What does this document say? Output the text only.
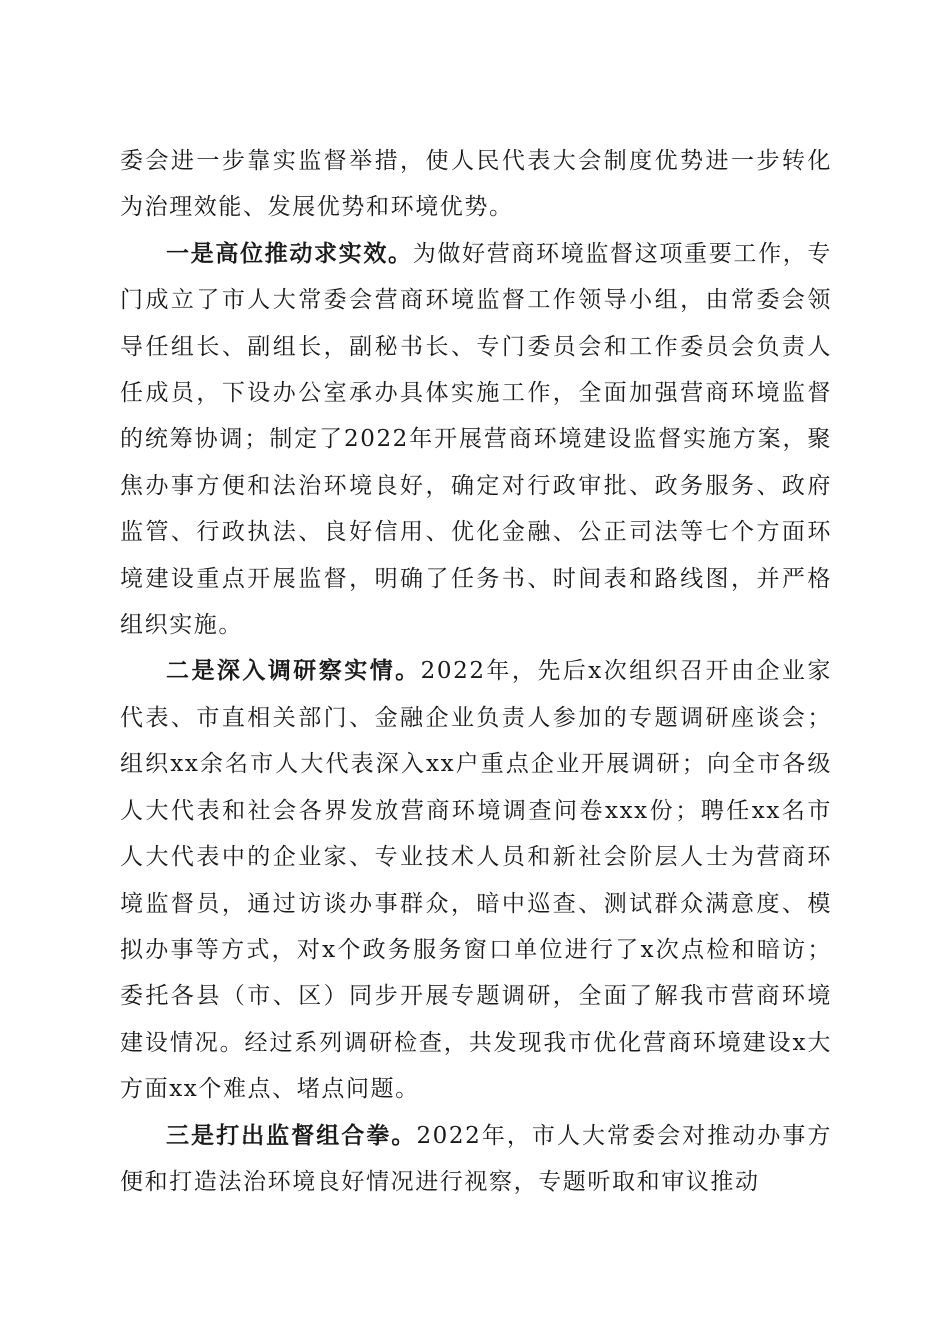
委会进一步靠实监督举措，使人民代表大会制度优势进一步转化为治理效能、发展优势和环境优势。

一是高位推动求实效。为做好营商环境监督这项重要工作，专门成立了市人大常委会营商环境监督工作领导小组，由常委会领导任组长、副组长，副秘书长、专门委员会和工作委员会负责人任成员，下设办公室承办具体实施工作，全面加强营商环境监督的统筹协调；制定了2022年开展营商环境建设监督实施方案，聚焦办事方便和法治环境良好，确定对行政审批、政务服务、政府监管、行政执法、良好信用、优化金融、公正司法等七个方面环境建设重点开展监督，明确了任务书、时间表和路线图，并严格组织实施。

二是深入调研察实情。2022年，先后x次组织召开由企业家代表、市直相关部门、金融企业负责人参加的专题调研座谈会；组织xx余名市人大代表深入xx户重点企业开展调研；向全市各级人大代表和社会各界发放营商环境调查问卷xxx份；聘任xx名市人大代表中的企业家、专业技术人员和新社会阶层人士为营商环境监督员，通过访谈办事群众，暗中巡查、测试群众满意度、模拟办事等方式，对x个政务服务窗口单位进行了x次点检和暗访；委托各县（市、区）同步开展专题调研，全面了解我市营商环境建设情况。经过系列调研检查，共发现我市优化营商环境建设x大方面xx个难点、堵点问题。

三是打出监督组合拳。2022年，市人大常委会对推动办事方便和打造法治环境良好情况进行视察，专题听取和审议推动
